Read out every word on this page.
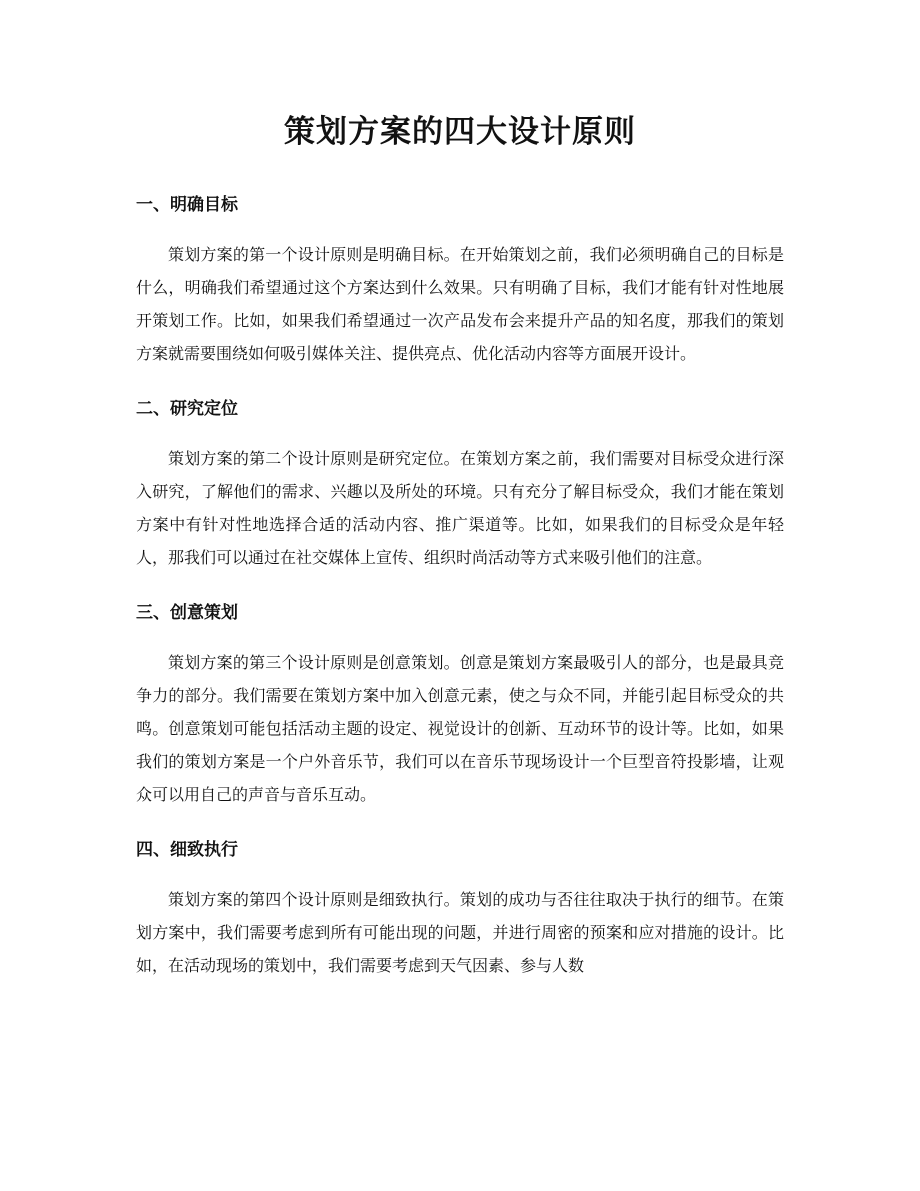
策划方案的四大设计原则
一、明确目标

策划方案的第一个设计原则是明确目标。在开始策划之前，我们必须明确自己的目标是什么，明确我们希望通过这个方案达到什么效果。只有明确了目标，我们才能有针对性地展开策划工作。比如，如果我们希望通过一次产品发布会来提升产品的知名度，那我们的策划方案就需要围绕如何吸引媒体关注、提供亮点、优化活动内容等方面展开设计。

二、研究定位

策划方案的第二个设计原则是研究定位。在策划方案之前，我们需要对目标受众进行深入研究，了解他们的需求、兴趣以及所处的环境。只有充分了解目标受众，我们才能在策划方案中有针对性地选择合适的活动内容、推广渠道等。比如，如果我们的目标受众是年轻人，那我们可以通过在社交媒体上宣传、组织时尚活动等方式来吸引他们的注意。

三、创意策划

策划方案的第三个设计原则是创意策划。创意是策划方案最吸引人的部分，也是最具竞争力的部分。我们需要在策划方案中加入创意元素，使之与众不同，并能引起目标受众的共鸣。创意策划可能包括活动主题的设定、视觉设计的创新、互动环节的设计等。比如，如果我们的策划方案是一个户外音乐节，我们可以在音乐节现场设计一个巨型音符投影墙，让观众可以用自己的声音与音乐互动。

四、细致执行

策划方案的第四个设计原则是细致执行。策划的成功与否往往取决于执行的细节。在策划方案中，我们需要考虑到所有可能出现的问题，并进行周密的预案和应对措施的设计。比如，在活动现场的策划中，我们需要考虑到天气因素、参与人数
